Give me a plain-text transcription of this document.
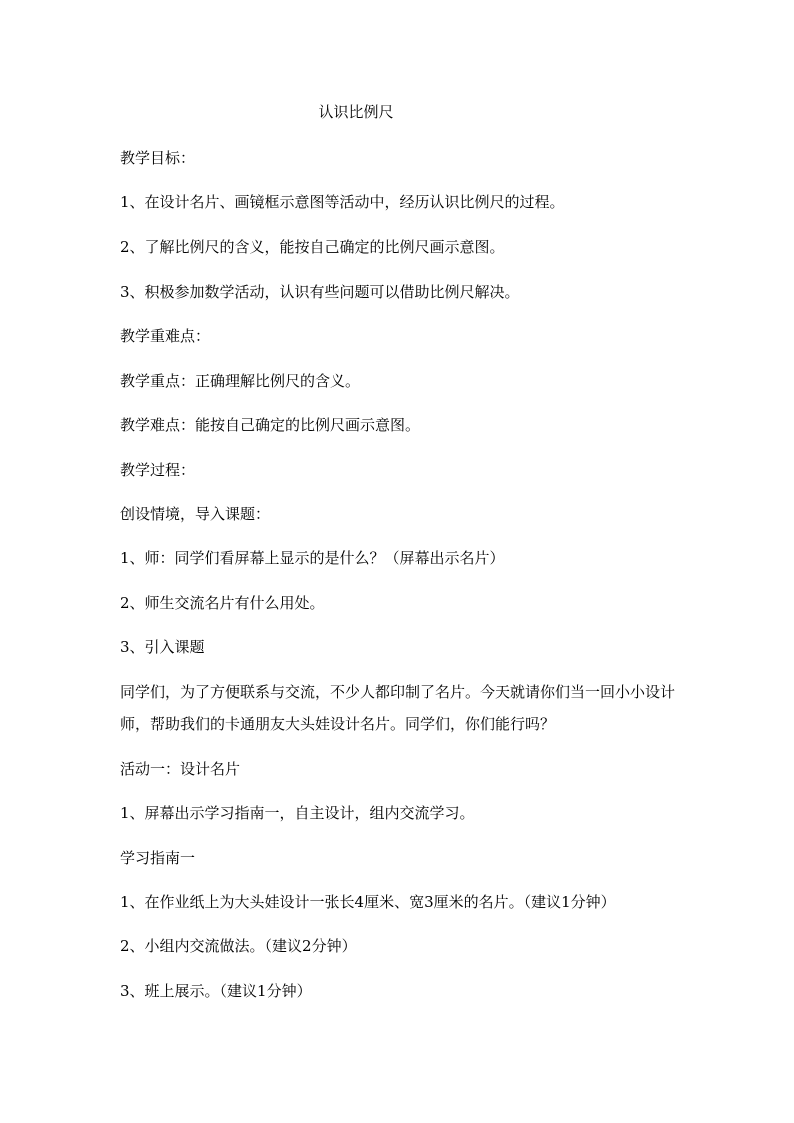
认识比例尺
教学目标：
1、在设计名片、画镜框示意图等活动中，经历认识比例尺的过程。
2、了解比例尺的含义，能按自己确定的比例尺画示意图。
3、积极参加数学活动，认识有些问题可以借助比例尺解决。
教学重难点：
教学重点：正确理解比例尺的含义。
教学难点：能按自己确定的比例尺画示意图。
教学过程：
创设情境，导入课题：
1、师：同学们看屏幕上显示的是什么？（屏幕出示名片）
2、师生交流名片有什么用处。
3、引入课题
同学们，为了方便联系与交流，不少人都印制了名片。今天就请你们当一回小小设计师，帮助我们的卡通朋友大头娃设计名片。同学们，你们能行吗？
活动一：设计名片
1、屏幕出示学习指南一，自主设计，组内交流学习。
学习指南一
1、在作业纸上为大头娃设计一张长4厘米、宽3厘米的名片。（建议1分钟）
2、小组内交流做法。（建议2分钟）
3、班上展示。（建议1分钟）
